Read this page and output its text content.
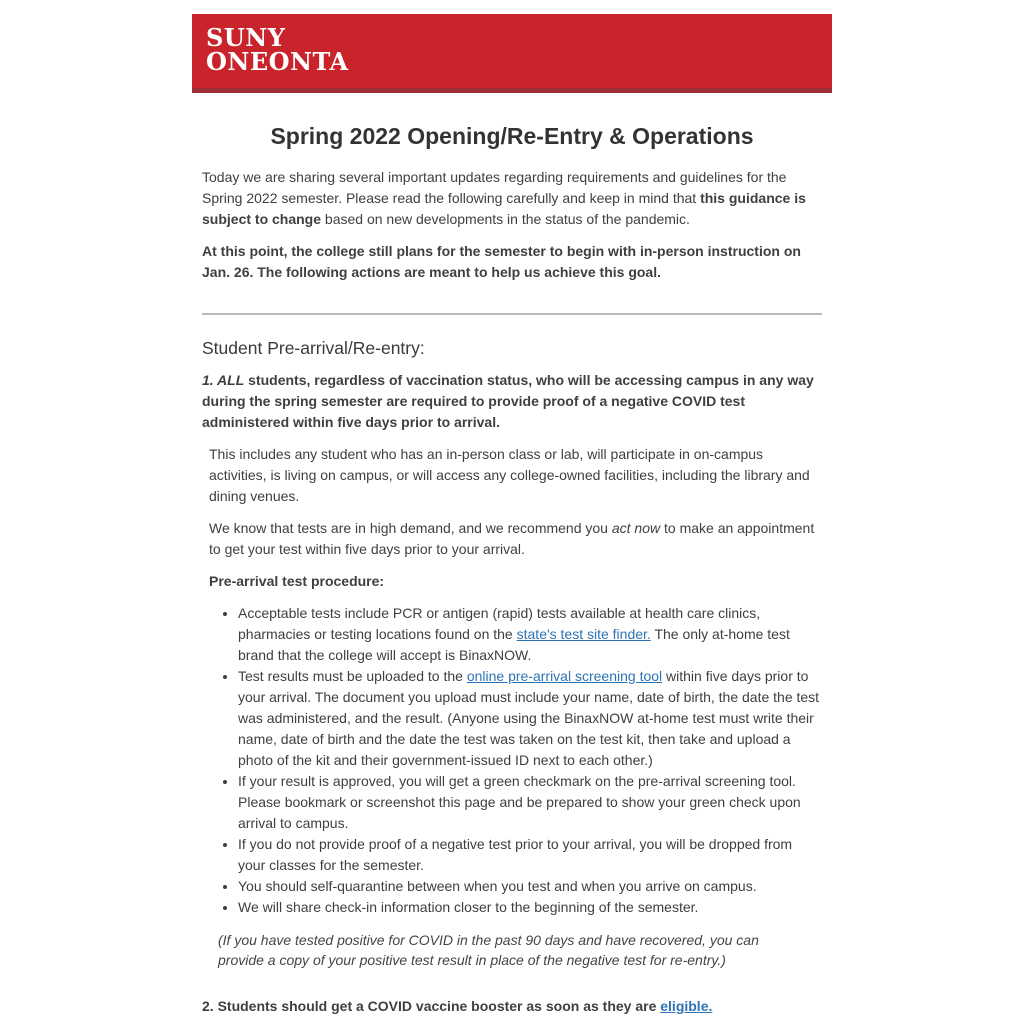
SUNY
ONEONTA
Spring 2022 Opening/Re-Entry & Operations

Today we are sharing several important updates regarding requirements and guidelines for the Spring 2022 semester. Please read the following carefully and keep in mind that this guidance is subject to change based on new developments in the status of the pandemic.

At this point, the college still plans for the semester to begin with in-person instruction on Jan. 26. The following actions are meant to help us achieve this goal.

Student Pre-arrival/Re-entry:

1. ALL students, regardless of vaccination status, who will be accessing campus in any way during the spring semester are required to provide proof of a negative COVID test administered within five days prior to arrival.

This includes any student who has an in-person class or lab, will participate in on-campus activities, is living on campus, or will access any college-owned facilities, including the library and dining venues.

We know that tests are in high demand, and we recommend you act now to make an appointment to get your test within five days prior to your arrival.

Pre-arrival test procedure:

• Acceptable tests include PCR or antigen (rapid) tests available at health care clinics, pharmacies or testing locations found on the state's test site finder. The only at-home test brand that the college will accept is BinaxNOW.
• Test results must be uploaded to the online pre-arrival screening tool within five days prior to your arrival. The document you upload must include your name, date of birth, the date the test was administered, and the result. (Anyone using the BinaxNOW at-home test must write their name, date of birth and the date the test was taken on the test kit, then take and upload a photo of the kit and their government-issued ID next to each other.)
• If your result is approved, you will get a green checkmark on the pre-arrival screening tool. Please bookmark or screenshot this page and be prepared to show your green check upon arrival to campus.
• If you do not provide proof of a negative test prior to your arrival, you will be dropped from your classes for the semester.
• You should self-quarantine between when you test and when you arrive on campus.
• We will share check-in information closer to the beginning of the semester.

(If you have tested positive for COVID in the past 90 days and have recovered, you can provide a copy of your positive test result in place of the negative test for re-entry.)

2. Students should get a COVID vaccine booster as soon as they are eligible.
